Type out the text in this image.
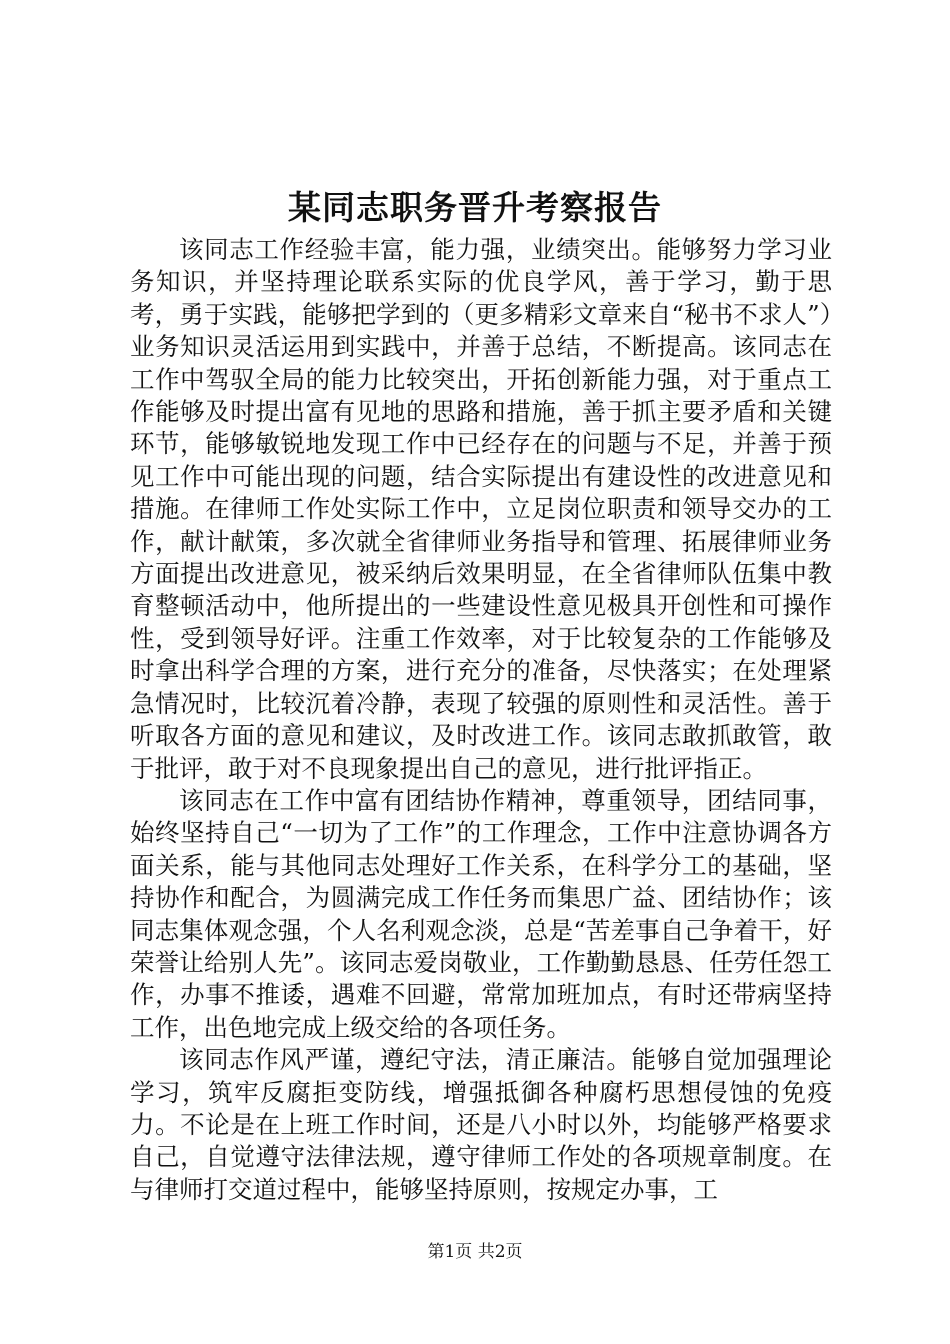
某同志职务晋升考察报告

该同志工作经验丰富，能力强，业绩突出。能够努力学习业务知识，并坚持理论联系实际的优良学风，善于学习，勤于思考，勇于实践，能够把学到的（更多精彩文章来自“秘书不求人”）业务知识灵活运用到实践中，并善于总结，不断提高。该同志在工作中驾驭全局的能力比较突出，开拓创新能力强，对于重点工作能够及时提出富有见地的思路和措施，善于抓主要矛盾和关键环节，能够敏锐地发现工作中已经存在的问题与不足，并善于预见工作中可能出现的问题，结合实际提出有建设性的改进意见和措施。在律师工作处实际工作中，立足岗位职责和领导交办的工作，献计献策，多次就全省律师业务指导和管理、拓展律师业务方面提出改进意见，被采纳后效果明显，在全省律师队伍集中教育整顿活动中，他所提出的一些建设性意见极具开创性和可操作性，受到领导好评。注重工作效率，对于比较复杂的工作能够及时拿出科学合理的方案，进行充分的准备，尽快落实；在处理紧急情况时，比较沉着冷静，表现了较强的原则性和灵活性。善于听取各方面的意见和建议，及时改进工作。该同志敢抓敢管，敢于批评，敢于对不良现象提出自己的意见，进行批评指正。

该同志在工作中富有团结协作精神，尊重领导，团结同事，始终坚持自己“一切为了工作”的工作理念，工作中注意协调各方面关系，能与其他同志处理好工作关系，在科学分工的基础，坚持协作和配合，为圆满完成工作任务而集思广益、团结协作；该同志集体观念强，个人名利观念淡，总是“苦差事自己争着干，好荣誉让给别人先”。该同志爱岗敬业，工作勤勤恳恳、任劳任怨工作，办事不推诿，遇难不回避，常常加班加点，有时还带病坚持工作，出色地完成上级交给的各项任务。

该同志作风严谨，遵纪守法，清正廉洁。能够自觉加强理论学习，筑牢反腐拒变防线，增强抵御各种腐朽思想侵蚀的免疫力。不论是在上班工作时间，还是八小时以外，均能够严格要求自己，自觉遵守法律法规，遵守律师工作处的各项规章制度。在与律师打交道过程中，能够坚持原则，按规定办事，工

第1页 共2页
